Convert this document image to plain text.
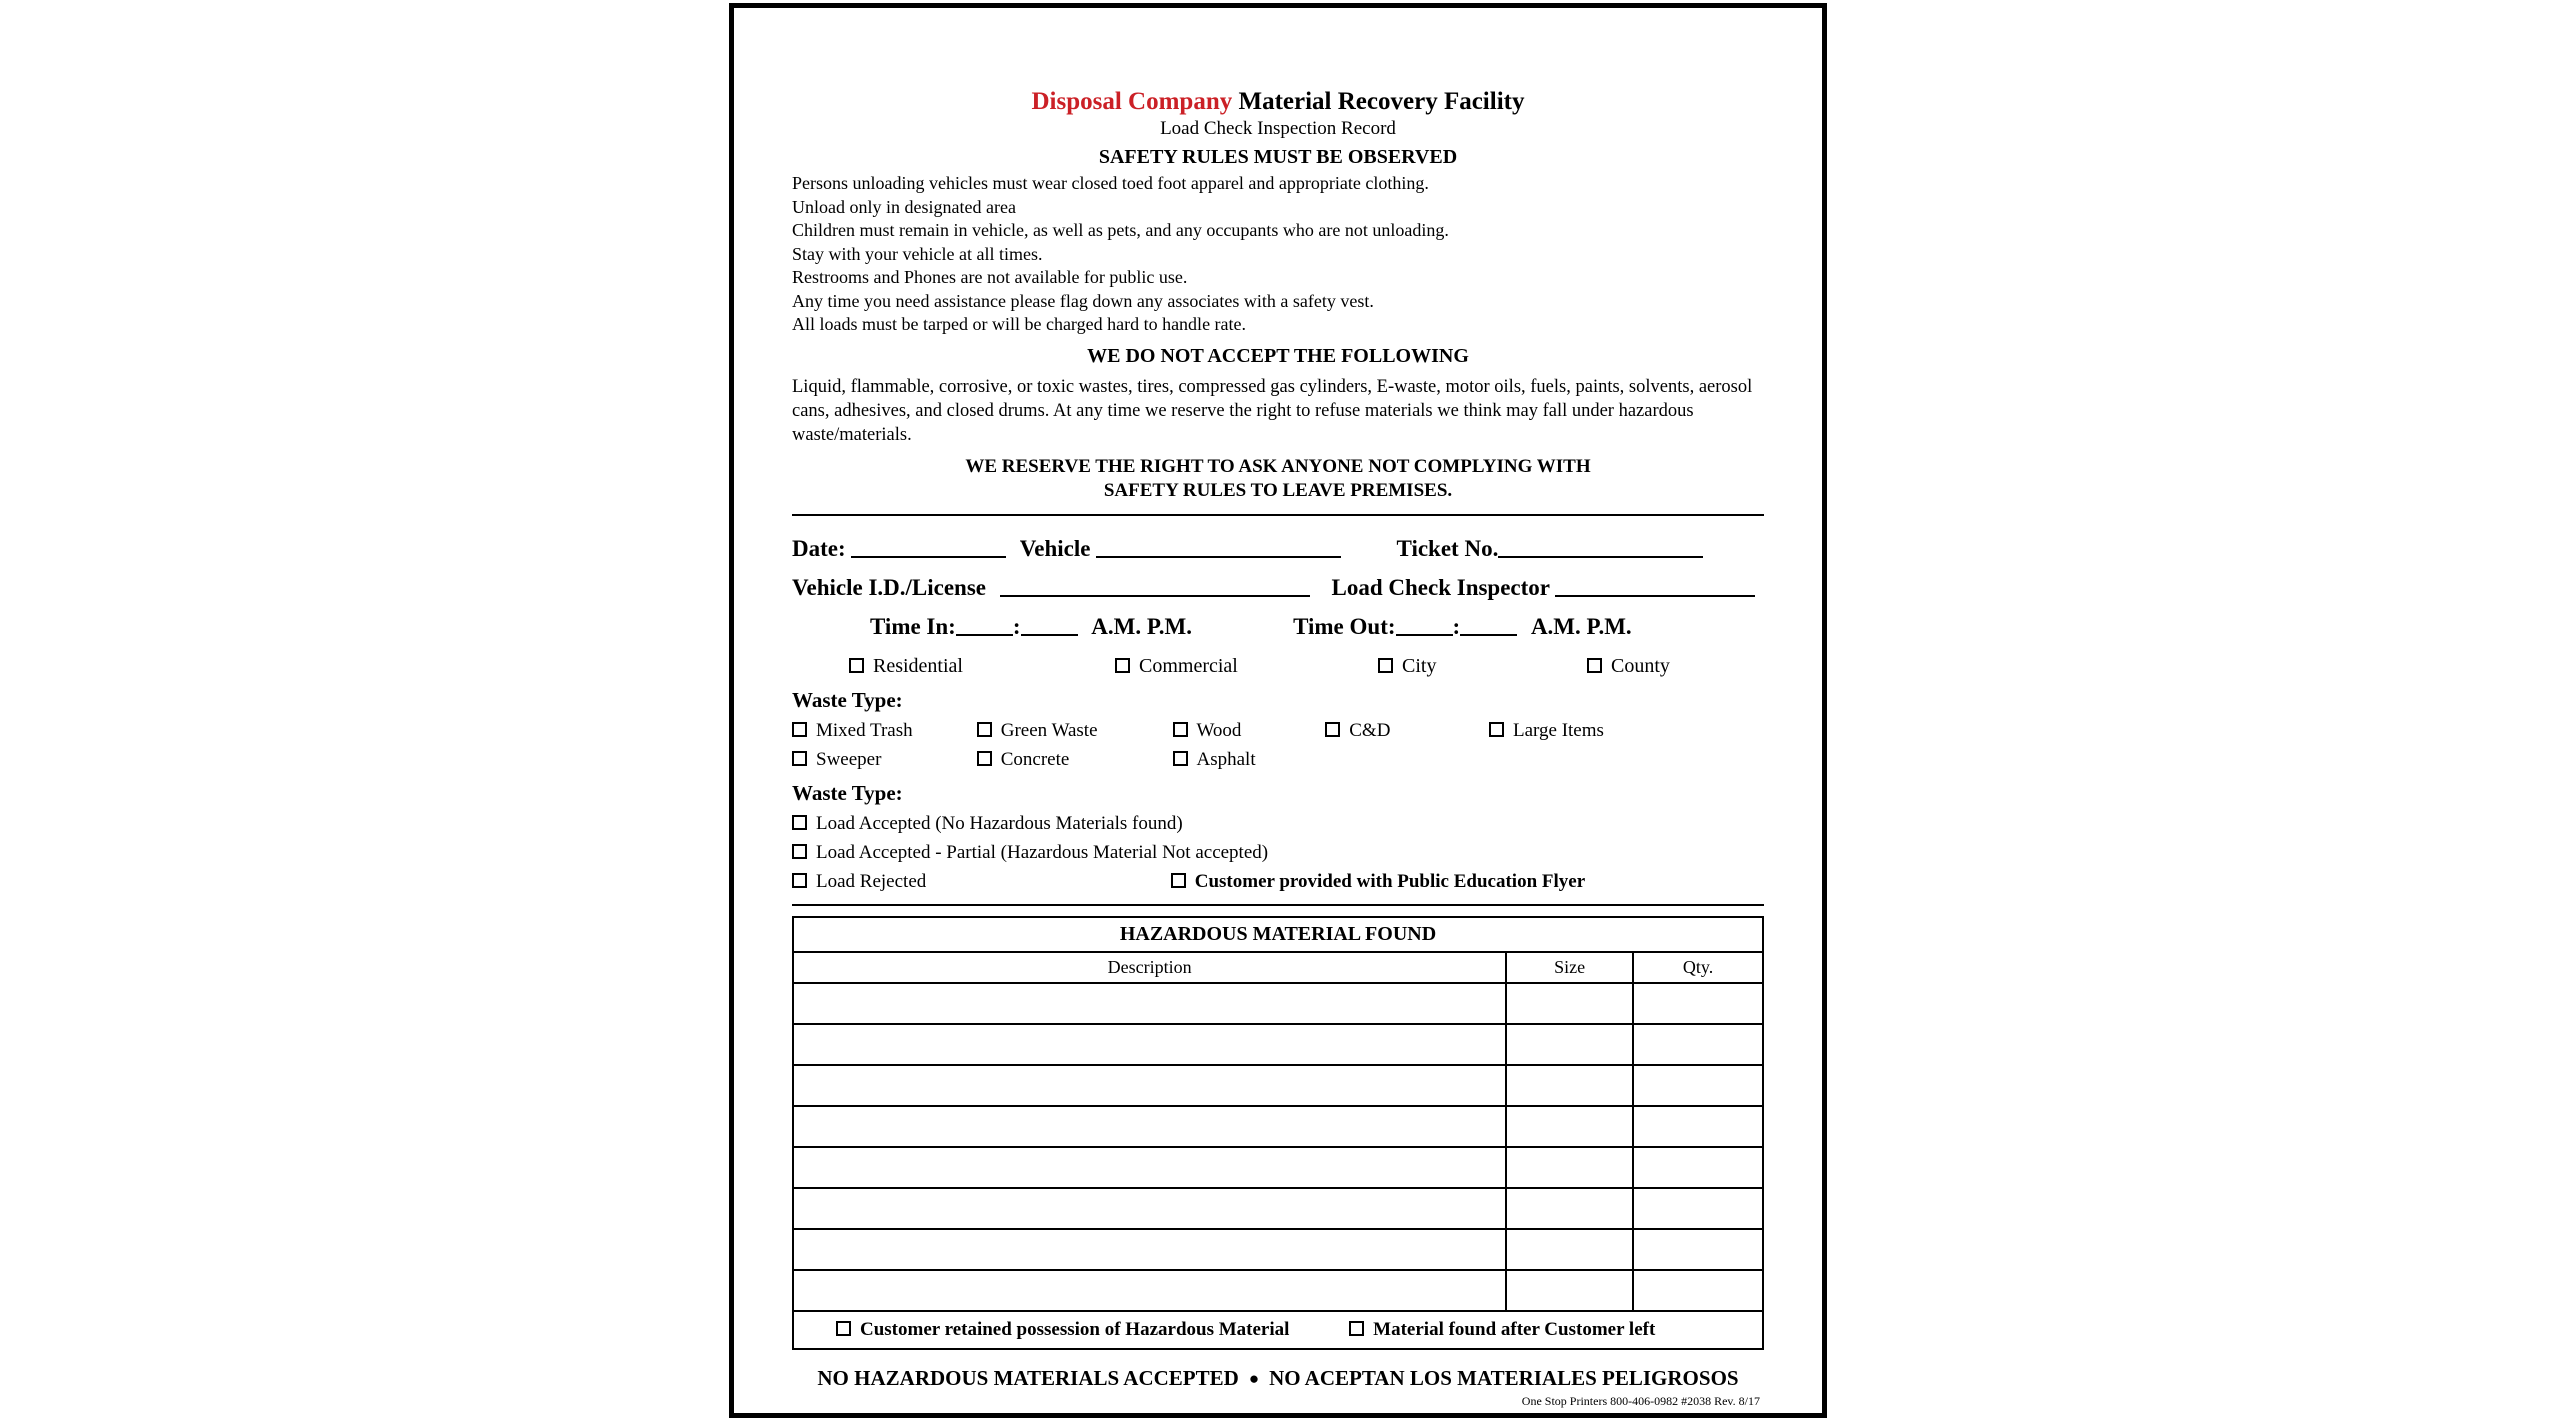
Disposal Company Material Recovery Facility
Load Check Inspection Record
SAFETY RULES MUST BE OBSERVED
Persons unloading vehicles must wear closed toed foot apparel and appropriate clothing.
Unload only in designated area
Children must remain in vehicle, as well as pets, and any occupants who are not unloading.
Stay with your vehicle at all times.
Restrooms and Phones are not available for public use.
Any time you need assistance please flag down any associates with a safety vest.
All loads must be tarped or will be charged hard to handle rate.
WE DO NOT ACCEPT THE FOLLOWING
Liquid, flammable, corrosive, or toxic wastes, tires, compressed gas cylinders, E-waste, motor oils, fuels, paints, solvents, aerosol cans, adhesives, and closed drums. At any time we reserve the right to refuse materials we think may fall under hazardous waste/materials.
WE RESERVE THE RIGHT TO ASK ANYONE NOT COMPLYING WITH
SAFETY RULES TO LEAVE PREMISES.
Date:	Vehicle	Ticket No.
Vehicle I.D./License	Load Check Inspector
Time In: :	A.M. P.M.	Time Out: :	A.M. P.M.
Residential	Commercial	City	County
Waste Type:
Mixed Trash	Green Waste	Wood	C&D	Large Items
Sweeper	Concrete	Asphalt
Waste Type:
Load Accepted (No Hazardous Materials found)
Load Accepted - Partial (Hazardous Material Not accepted)
Load Rejected	Customer provided with Public Education Flyer
HAZARDOUS MATERIAL FOUND		
Description	Size	Qty.

Customer retained possession of Hazardous Material Material found after Customer left		
NO HAZARDOUS MATERIALS ACCEPTED ● NO ACEPTAN LOS MATERIALES PELIGROSOS
One Stop Printers 800-406-0982 #2038 Rev. 8/17
